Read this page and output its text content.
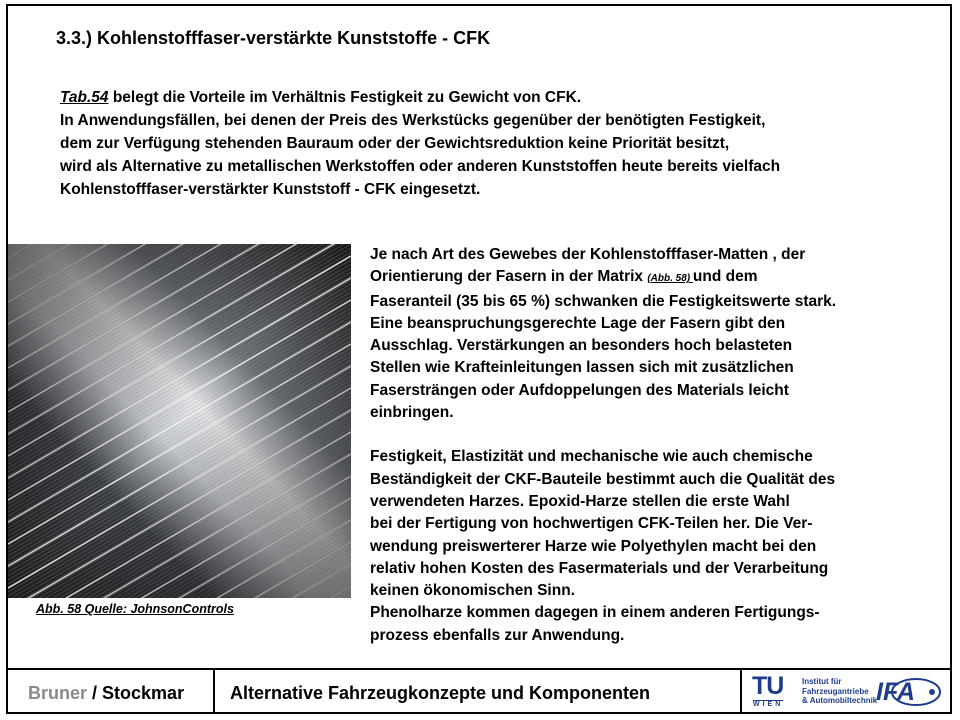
3.3.) Kohlenstofffaser-verstärkte Kunststoffe - CFK
Tab.54 belegt die Vorteile im Verhältnis Festigkeit zu Gewicht von CFK.
In Anwendungsfällen, bei denen der Preis des Werkstücks gegenüber der benötigten Festigkeit,
dem zur Verfügung stehenden Bauraum oder der Gewichtsreduktion keine Priorität besitzt,
wird als Alternative zu metallischen Werkstoffen oder anderen Kunststoffen heute bereits vielfach
Kohlenstofffaser-verstärkter Kunststoff - CFK eingesetzt.
Abb. 58 Quelle: JohnsonControls
Je nach Art des Gewebes der Kohlenstofffaser-Matten , der
Orientierung der Fasern in der Matrix (Abb. 58) und dem
Faseranteil (35 bis 65 %) schwanken die Festigkeitswerte stark.
Eine beanspruchungsgerechte Lage der Fasern gibt den
Ausschlag. Verstärkungen an besonders hoch belasteten
Stellen wie Krafteinleitungen lassen sich mit zusätzlichen
Fasersträngen oder Aufdoppelungen des Materials leicht
einbringen.
Festigkeit, Elastizität und mechanische wie auch chemische
Beständigkeit der CKF-Bauteile bestimmt auch die Qualität des
verwendeten Harzes. Epoxid-Harze stellen die erste Wahl
bei der Fertigung von hochwertigen CFK-Teilen her. Die Ver-
wendung preiswerterer Harze wie Polyethylen macht bei den
relativ hohen Kosten des Fasermaterials und der Verarbeitung
keinen ökonomischen Sinn.
Phenolharze kommen dagegen in einem anderen Fertigungs-
prozess ebenfalls zur Anwendung.
Bruner / Stockmar	Alternative Fahrzeugkonzepte und Komponenten	TU
WIEN
Institut für
Fahrzeugantriebe
& Automobiltechnik
IFA
